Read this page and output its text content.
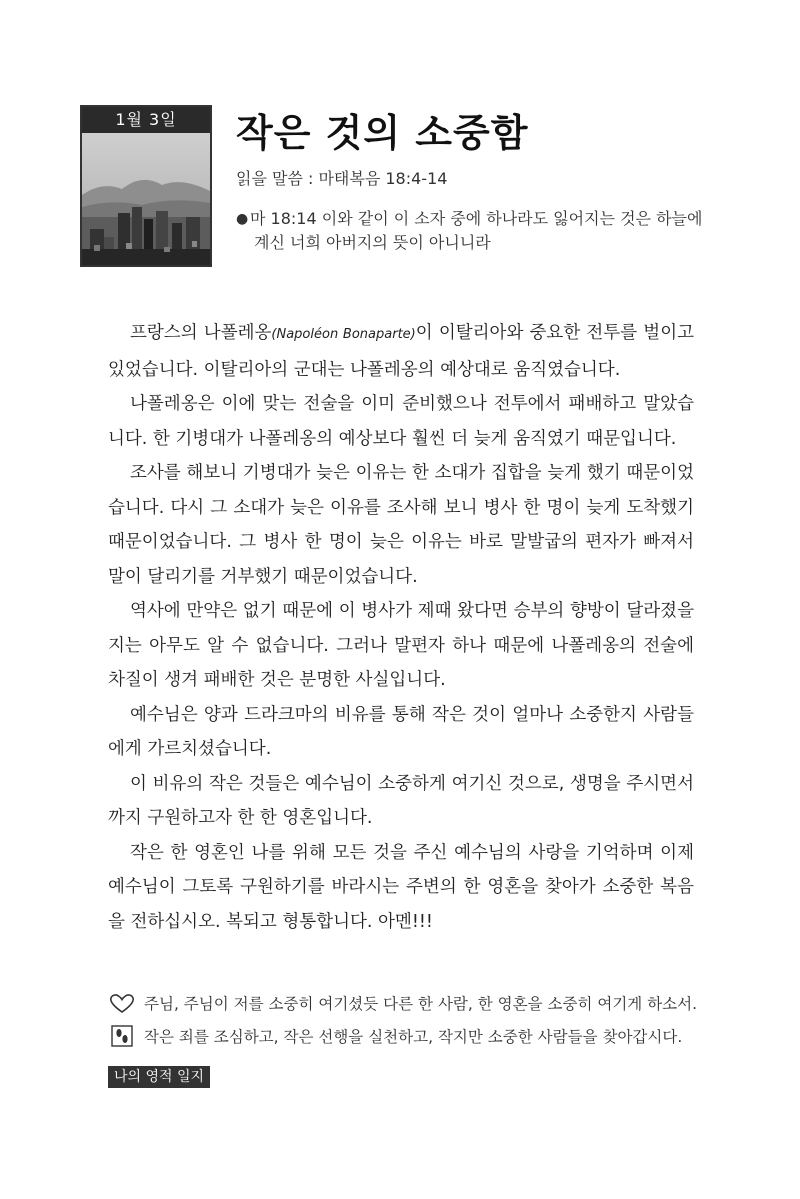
1월 3일	작은 것의 소중함
읽을 말씀 : 마태복음 18:4-14
● 마 18:14 이와 같이 이 소자 중에 하나라도 잃어지는 것은 하늘에

계신 너희 아버지의 뜻이 아니니라

프랑스의 나폴레옹(Napoléon Bonaparte)이 이탈리아와 중요한 전투를 벌이고 있었습니다. 이탈리아의 군대는 나폴레옹의 예상대로 움직였습니다.

나폴레옹은 이에 맞는 전술을 이미 준비했으나 전투에서 패배하고 말았습니다. 한 기병대가 나폴레옹의 예상보다 훨씬 더 늦게 움직였기 때문입니다.

조사를 해보니 기병대가 늦은 이유는 한 소대가 집합을 늦게 했기 때문이었습니다. 다시 그 소대가 늦은 이유를 조사해 보니 병사 한 명이 늦게 도착했기 때문이었습니다. 그 병사 한 명이 늦은 이유는 바로 말발굽의 편자가 빠져서 말이 달리기를 거부했기 때문이었습니다.

역사에 만약은 없기 때문에 이 병사가 제때 왔다면 승부의 향방이 달라졌을지는 아무도 알 수 없습니다. 그러나 말편자 하나 때문에 나폴레옹의 전술에 차질이 생겨 패배한 것은 분명한 사실입니다.

예수님은 양과 드라크마의 비유를 통해 작은 것이 얼마나 소중한지 사람들에게 가르치셨습니다.

이 비유의 작은 것들은 예수님이 소중하게 여기신 것으로, 생명을 주시면서까지 구원하고자 한 한 영혼입니다.

작은 한 영혼인 나를 위해 모든 것을 주신 예수님의 사랑을 기억하며 이제 예수님이 그토록 구원하기를 바라시는 주변의 한 영혼을 찾아가 소중한 복음을 전하십시오. 복되고 형통합니다. 아멘!!!

주님, 주님이 저를 소중히 여기셨듯 다른 한 사람, 한 영혼을 소중히 여기게 하소서.
작은 죄를 조심하고, 작은 선행을 실천하고, 작지만 소중한 사람들을 찾아갑시다.
나의 영적 일지
